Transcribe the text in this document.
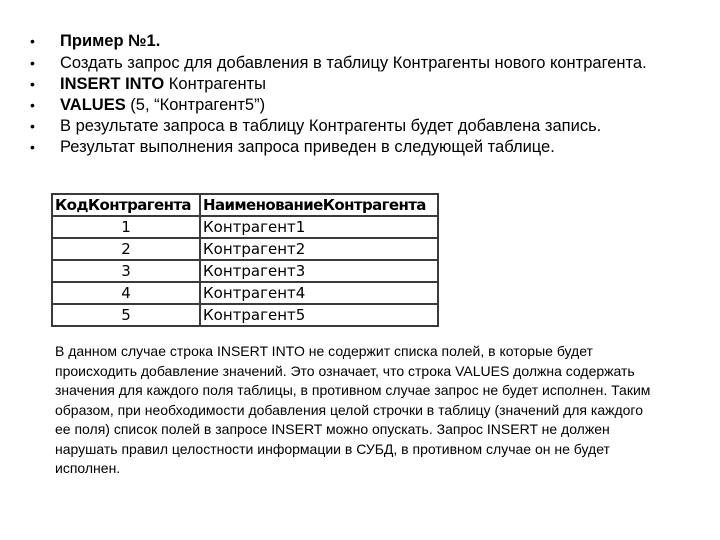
• Пример №1.
• Создать запрос для добавления в таблицу Контрагенты нового контрагента.
• INSERT INTO Контрагенты
• VALUES (5, “Контрагент5”)
• В результате запроса в таблицу Контрагенты будет добавлена запись.
• Результат выполнения запроса приведен в следующей таблице.
КодКонтрагента	НаименованиеКонтрагента
1	Контрагент1
2	Контрагент2
3	Контрагент3
4	Контрагент4
5	Контрагент5

В данном случае строка INSERT INTO не содержит списка полей, в которые будет происходить добавление значений. Это означает, что строка VALUES должна содержать значения для каждого поля таблицы, в противном случае запрос не будет исполнен. Таким образом, при необходимости добавления целой строчки в таблицу (значений для каждого ее поля) список полей в запросе INSERT можно опускать. Запрос INSERT не должен нарушать правил целостности информации в СУБД, в противном случае он не будет исполнен.
